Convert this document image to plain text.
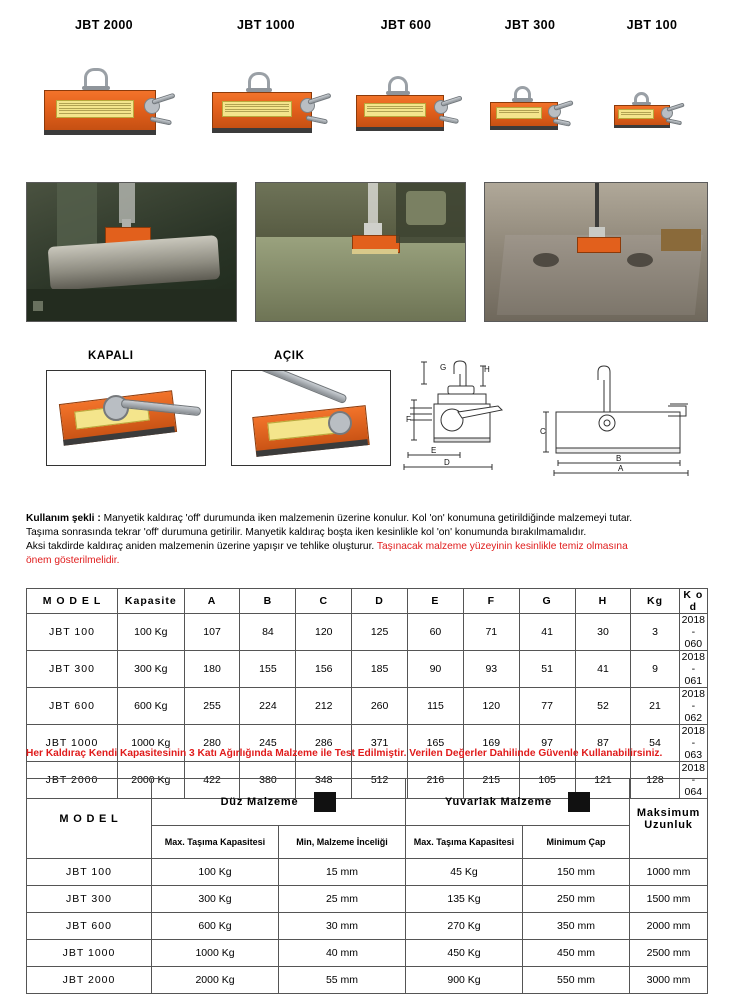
JBT 2000	JBT 1000	JBT 600	JBT 300	JBT 100
KAPALI	AÇIK
G	H
F
E
D
C
B
A
Kullanım şekli : Manyetik kaldıraç 'off' durumunda iken malzemenin üzerine konulur. Kol 'on' konumuna getirildiğinde malzemeyi tutar.
Taşıma sonrasında tekrar 'off' durumuna getirilir. Manyetik kaldıraç boşta iken kesinlikle kol 'on' konumunda bırakılmamalıdır.
Aksi takdirde kaldıraç aniden malzemenin üzerine yapışır ve tehlike oluşturur. Taşınacak malzeme yüzeyinin kesinlikle temiz olmasına
önem gösterilmelidir.
M O D E L	Kapasite	A	B	C	D	E	F	G	H	Kg	K o d
JBT 100	100 Kg	107	84	120	125	60	71	41	30	3	2018 - 060
JBT 300	300 Kg	180	155	156	185	90	93	51	41	9	2018 - 061
JBT 600	600 Kg	255	224	212	260	115	120	77	52	21	2018 - 062
JBT 1000	1000 Kg	280	245	286	371	165	169	97	87	54	2018 - 063
JBT 2000	2000 Kg	422	380	348	512	216	215	105	121	128	2018 - 064
Her Kaldıraç Kendi Kapasitesinin 3 Katı Ağırlığında Malzeme ile Test Edilmiştir. Verilen Değerler Dahilinde Güvenle Kullanabilirsiniz.
M O D E L	Düz Malzeme		Yuvarlak Malzeme		Maksimum Uzunluk
	Max. Taşıma Kapasitesi	Min, Malzeme İnceliği	Max. Taşıma Kapasitesi	Minimum Çap	
JBT 100	100 Kg	15 mm	45 Kg	150 mm	1000 mm
JBT 300	300 Kg	25 mm	135 Kg	250 mm	1500 mm
JBT 600	600 Kg	30 mm	270 Kg	350 mm	2000 mm
JBT 1000	1000 Kg	40 mm	450 Kg	450 mm	2500 mm
JBT 2000	2000 Kg	55 mm	900 Kg	550 mm	3000 mm
